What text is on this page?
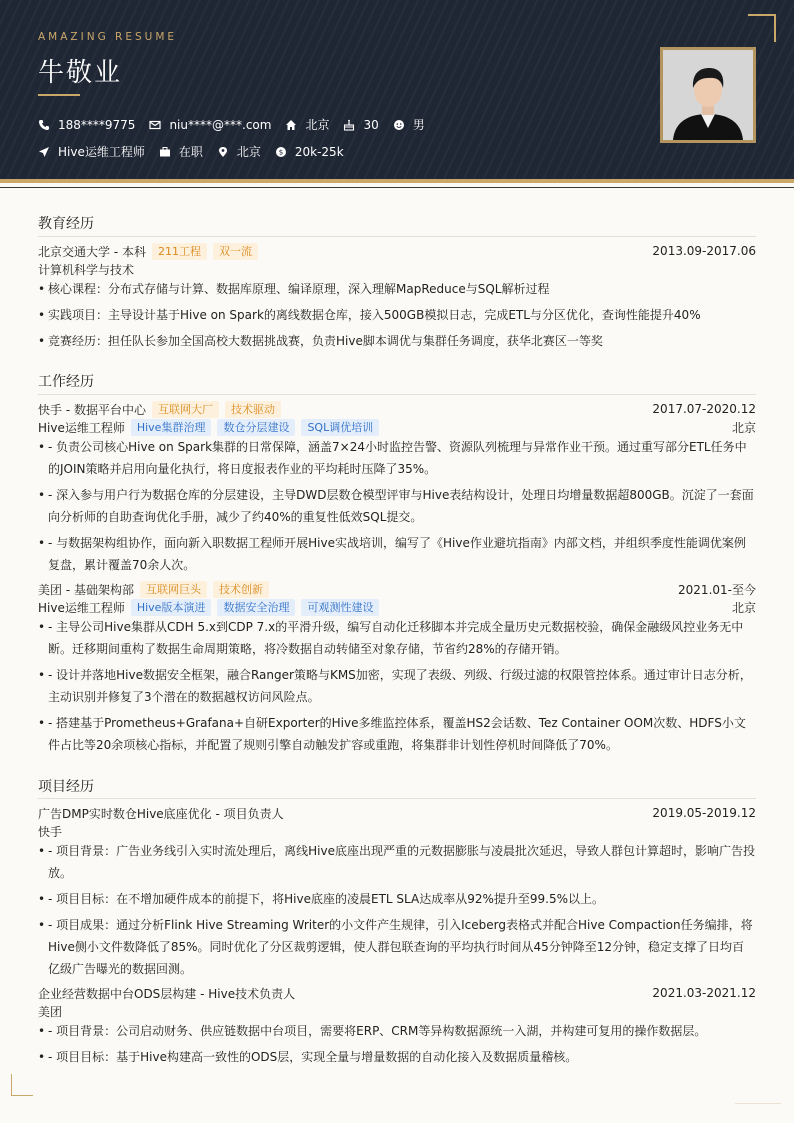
AMAZING RESUME
牛敬业
188****9775	niu****@***.com	北京	30	男
Hive运维工程师	在职	北京	$ 20k-25k
教育经历
北京交通大学 - 本科	211工程	双一流	2013.09-2017.06
计算机科学与技术
• 核心课程：分布式存储与计算、数据库原理、编译原理，深入理解MapReduce与SQL解析过程
• 实践项目：主导设计基于Hive on Spark的离线数据仓库，接入500GB模拟日志，完成ETL与分区优化，查询性能提升40%
• 竞赛经历：担任队长参加全国高校大数据挑战赛，负责Hive脚本调优与集群任务调度，获华北赛区一等奖
工作经历
快手 - 数据平台中心	互联网大厂	技术驱动	2017.07-2020.12
Hive运维工程师	Hive集群治理	数仓分层建设	SQL调优培训	北京
• - 负责公司核心Hive on Spark集群的日常保障，涵盖7×24小时监控告警、资源队列梳理与异常作业干预。通过重写部分ETL任务中的JOIN策略并启用向量化执行，将日度报表作业的平均耗时压降了35%。
• - 深入参与用户行为数据仓库的分层建设，主导DWD层数仓模型评审与Hive表结构设计，处理日均增量数据超800GB。沉淀了一套面向分析师的自助查询优化手册，减少了约40%的重复性低效SQL提交。
• - 与数据架构组协作，面向新入职数据工程师开展Hive实战培训，编写了《Hive作业避坑指南》内部文档，并组织季度性能调优案例复盘，累计覆盖70余人次。
美团 - 基础架构部	互联网巨头	技术创新	2021.01-至今
Hive运维工程师	Hive版本演进	数据安全治理	可观测性建设	北京
• - 主导公司Hive集群从CDH 5.x到CDP 7.x的平滑升级，编写自动化迁移脚本并完成全量历史元数据校验，确保金融级风控业务无中断。迁移期间重构了数据生命周期策略，将冷数据自动转储至对象存储，节省约28%的存储开销。
• - 设计并落地Hive数据安全框架，融合Ranger策略与KMS加密，实现了表级、列级、行级过滤的权限管控体系。通过审计日志分析，主动识别并修复了3个潜在的数据越权访问风险点。
• - 搭建基于Prometheus+Grafana+自研Exporter的Hive多维监控体系，覆盖HS2会话数、Tez Container OOM次数、HDFS小文件占比等20余项核心指标，并配置了规则引擎自动触发扩容或重跑，将集群非计划性停机时间降低了70%。
项目经历
广告DMP实时数仓Hive底座优化 - 项目负责人	2019.05-2019.12
快手
• - 项目背景：广告业务线引入实时流处理后，离线Hive底座出现严重的元数据膨胀与凌晨批次延迟，导致人群包计算超时，影响广告投放。
• - 项目目标：在不增加硬件成本的前提下，将Hive底座的凌晨ETL SLA达成率从92%提升至99.5%以上。
• - 项目成果：通过分析Flink Hive Streaming Writer的小文件产生规律，引入Iceberg表格式并配合Hive Compaction任务编排，将Hive侧小文件数降低了85%。同时优化了分区裁剪逻辑，使人群包联查询的平均执行时间从45分钟降至12分钟，稳定支撑了日均百亿级广告曝光的数据回测。
企业经营数据中台ODS层构建 - Hive技术负责人	2021.03-2021.12
美团
• - 项目背景：公司启动财务、供应链数据中台项目，需要将ERP、CRM等异构数据源统一入湖，并构建可复用的操作数据层。
• - 项目目标：基于Hive构建高一致性的ODS层，实现全量与增量数据的自动化接入及数据质量稽核。
